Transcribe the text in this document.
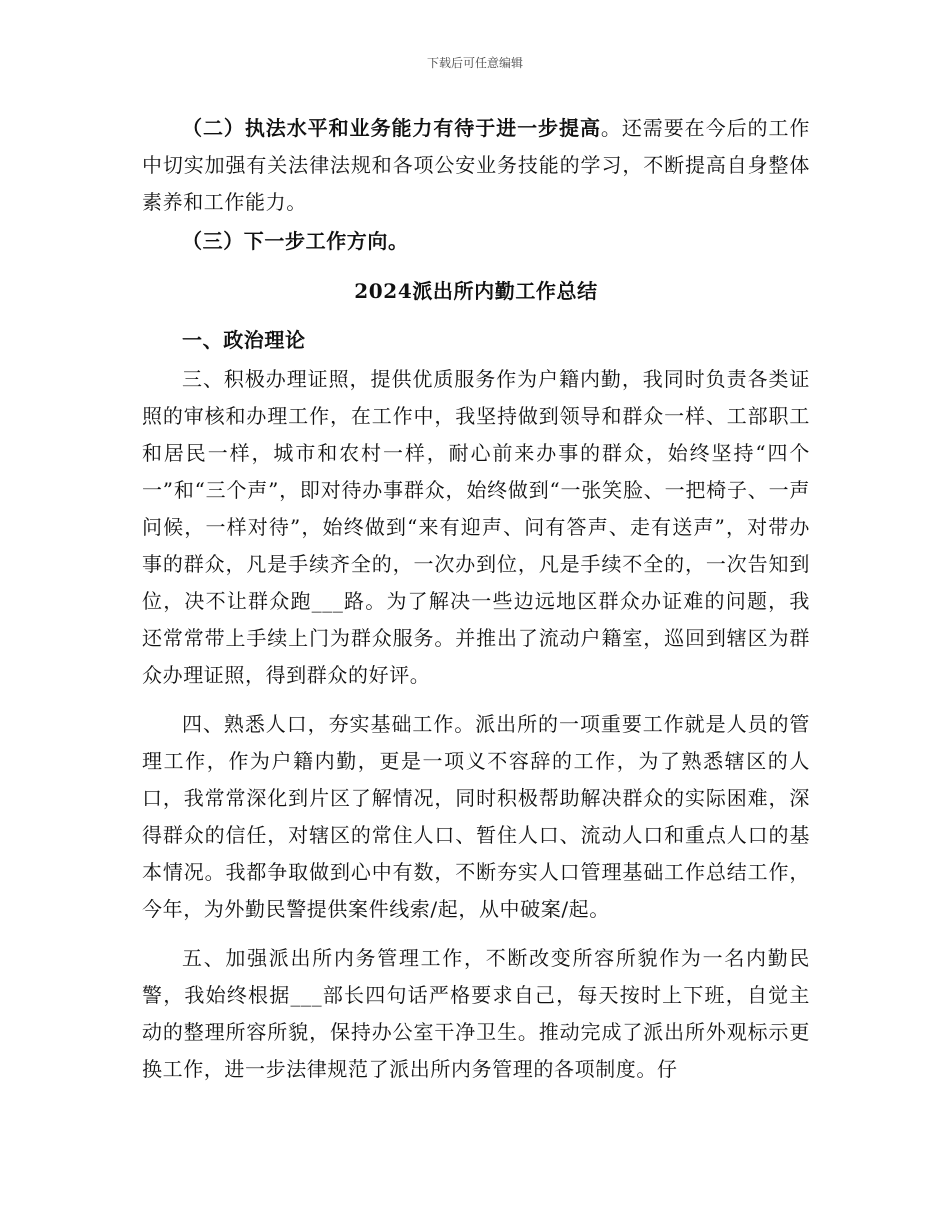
下载后可任意编辑

（二）执法水平和业务能力有待于进一步提高。还需要在今后的工作中切实加强有关法律法规和各项公安业务技能的学习，不断提高自身整体素养和工作能力。

（三）下一步工作方向。

2024派出所内勤工作总结

一、政治理论

三、积极办理证照，提供优质服务作为户籍内勤，我同时负责各类证照的审核和办理工作，在工作中，我坚持做到领导和群众一样、工部职工和居民一样，城市和农村一样，耐心前来办事的群众，始终坚持“四个一”和“三个声”，即对待办事群众，始终做到“一张笑脸、一把椅子、一声问候，一样对待”，始终做到“来有迎声、问有答声、走有送声”，对带办事的群众，凡是手续齐全的，一次办到位，凡是手续不全的，一次告知到位，决不让群众跑___路。为了解决一些边远地区群众办证难的问题，我还常常带上手续上门为群众服务。并推出了流动户籍室，巡回到辖区为群众办理证照，得到群众的好评。

四、熟悉人口，夯实基础工作。派出所的一项重要工作就是人员的管理工作，作为户籍内勤，更是一项义不容辞的工作，为了熟悉辖区的人口，我常常深化到片区了解情况，同时积极帮助解决群众的实际困难，深得群众的信任，对辖区的常住人口、暂住人口、流动人口和重点人口的基本情况。我都争取做到心中有数，不断夯实人口管理基础工作总结工作，今年，为外勤民警提供案件线索/起，从中破案/起。

五、加强派出所内务管理工作，不断改变所容所貌作为一名内勤民警，我始终根据___部长四句话严格要求自己，每天按时上下班，自觉主动的整理所容所貌，保持办公室干净卫生。推动完成了派出所外观标示更换工作，进一步法律规范了派出所内务管理的各项制度。仔
